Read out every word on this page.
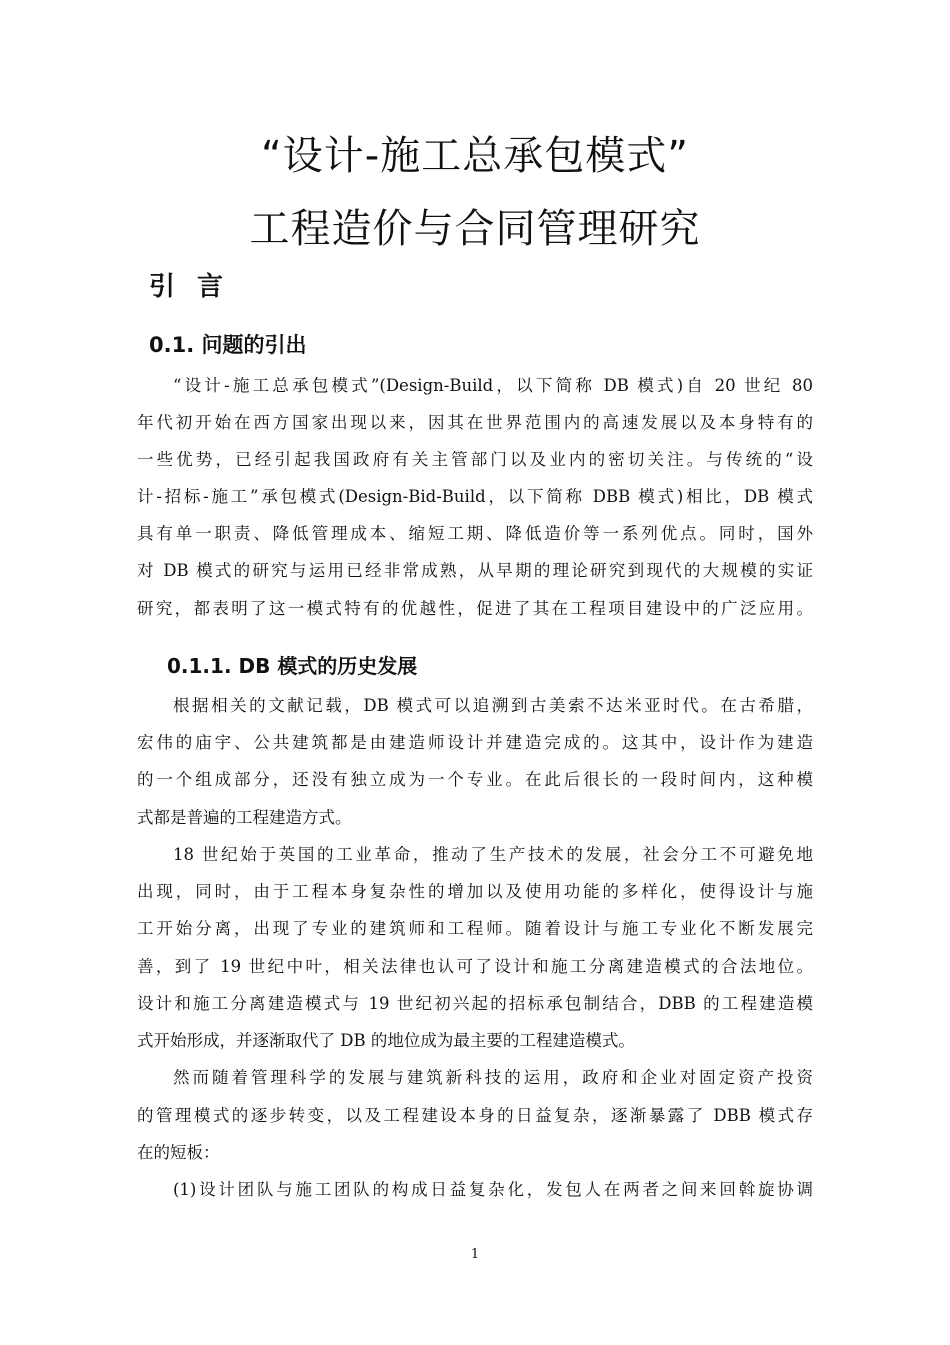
“设计-施工总承包模式”
工程造价与合同管理研究
引言
0.1. 问题的引出
“设计-施工总承包模式”(Design-Build，以下简称 DB 模式)自 20 世纪 80
年代初开始在西方国家出现以来，因其在世界范围内的高速发展以及本身特有的
一些优势，已经引起我国政府有关主管部门以及业内的密切关注。与传统的“设
计-招标-施工”承包模式(Design-Bid-Build，以下简称 DBB 模式)相比，DB 模式
具有单一职责、降低管理成本、缩短工期、降低造价等一系列优点。同时，国外
对 DB 模式的研究与运用已经非常成熟，从早期的理论研究到现代的大规模的实证
研究，都表明了这一模式特有的优越性，促进了其在工程项目建设中的广泛应用。
0.1.1. DB 模式的历史发展
根据相关的文献记载，DB 模式可以追溯到古美索不达米亚时代。在古希腊，
宏伟的庙宇、公共建筑都是由建造师设计并建造完成的。这其中，设计作为建造
的一个组成部分，还没有独立成为一个专业。在此后很长的一段时间内，这种模
式都是普遍的工程建造方式。
18 世纪始于英国的工业革命，推动了生产技术的发展，社会分工不可避免地
出现，同时，由于工程本身复杂性的增加以及使用功能的多样化，使得设计与施
工开始分离，出现了专业的建筑师和工程师。随着设计与施工专业化不断发展完
善，到了 19 世纪中叶，相关法律也认可了设计和施工分离建造模式的合法地位。
设计和施工分离建造模式与 19 世纪初兴起的招标承包制结合，DBB 的工程建造模
式开始形成，并逐渐取代了 DB 的地位成为最主要的工程建造模式。
然而随着管理科学的发展与建筑新科技的运用，政府和企业对固定资产投资
的管理模式的逐步转变，以及工程建设本身的日益复杂，逐渐暴露了 DBB 模式存
在的短板：
(1)设计团队与施工团队的构成日益复杂化，发包人在两者之间来回斡旋协调
1
